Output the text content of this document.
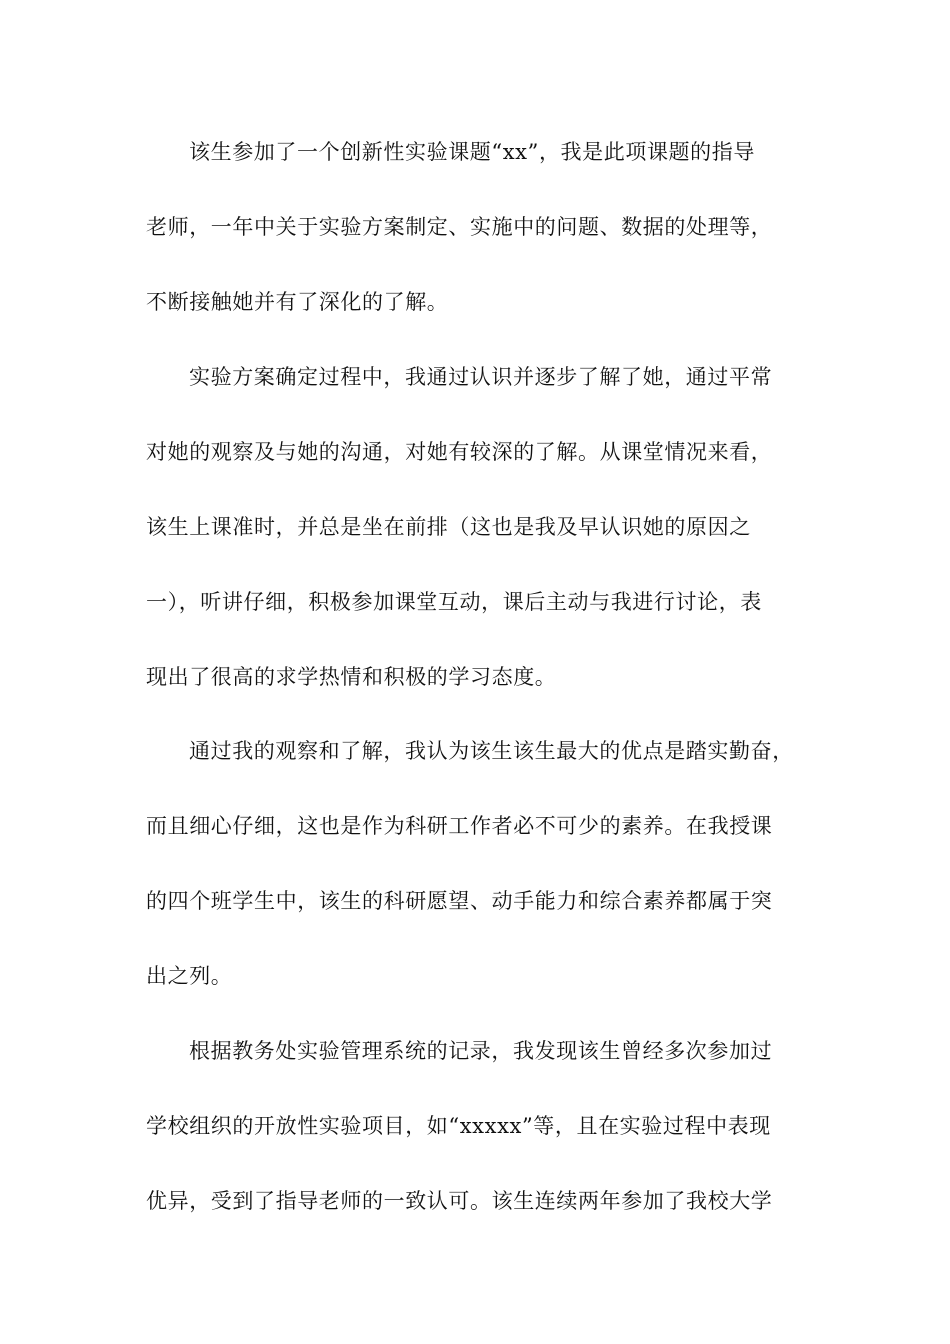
该生参加了一个创新性实验课题“xx”，我是此项课题的指导
老师，一年中关于实验方案制定、实施中的问题、数据的处理等，
不断接触她并有了深化的了解。
实验方案确定过程中，我通过认识并逐步了解了她，通过平常
对她的观察及与她的沟通，对她有较深的了解。从课堂情况来看，
该生上课准时，并总是坐在前排（这也是我及早认识她的原因之
一），听讲仔细，积极参加课堂互动，课后主动与我进行讨论，表
现出了很高的求学热情和积极的学习态度。
通过我的观察和了解，我认为该生该生最大的优点是踏实勤奋，
而且细心仔细，这也是作为科研工作者必不可少的素养。在我授课
的四个班学生中，该生的科研愿望、动手能力和综合素养都属于突
出之列。
根据教务处实验管理系统的记录，我发现该生曾经多次参加过
学校组织的开放性实验项目，如“xxxxx”等，且在实验过程中表现
优异，受到了指导老师的一致认可。该生连续两年参加了我校大学
